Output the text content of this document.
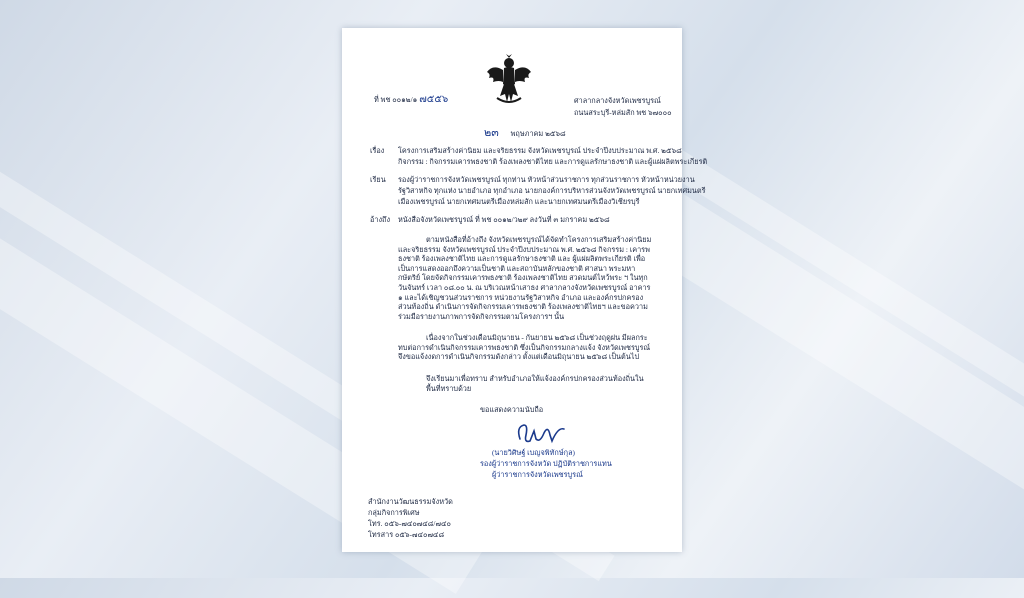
ที่ พช ๐๐๑๒/๑ ๗๕๕๖	ศาลากลางจังหวัดเพชรบูรณ์
ถนนสระบุรี-หล่มสัก พช ๖๗๐๐๐
๒๓ พฤษภาคม ๒๕๖๘
เรื่อง โครงการเสริมสร้างค่านิยม และจริยธรรม จังหวัดเพชรบูรณ์ ประจำปีงบประมาณ พ.ศ. ๒๕๖๘
กิจกรรม : กิจกรรมเคารพธงชาติ ร้องเพลงชาติไทย และการดูแลรักษาธงชาติ และผู้แผ่ผลิตพระเกียรติ
เรียน รองผู้ว่าราชการจังหวัดเพชรบูรณ์ ทุกท่าน หัวหน้าส่วนราชการ ทุกส่วนราชการ หัวหน้าหน่วยงาน
รัฐวิสาหกิจ ทุกแห่ง นายอำเภอ ทุกอำเภอ นายกองค์การบริหารส่วนจังหวัดเพชรบูรณ์ นายกเทศมนตรี
เมืองเพชรบูรณ์ นายกเทศมนตรีเมืองหล่มสัก และนายกเทศมนตรีเมืองวิเชียรบุรี
อ้างถึง หนังสือจังหวัดเพชรบูรณ์ ที่ พช ๐๐๑๒/ว๒๙ ลงวันที่ ๓ มกราคม ๒๕๖๘
ตามหนังสือที่อ้างถึง จังหวัดเพชรบูรณ์ได้จัดทำโครงการเสริมสร้างค่านิยม และจริยธรรม จังหวัดเพชรบูรณ์ ประจำปีงบประมาณ พ.ศ. ๒๕๖๘ กิจกรรม : เคารพธงชาติ ร้องเพลงชาติไทย และการดูแลรักษาธงชาติ และ ผู้แผ่ผลิตพระเกียรติ เพื่อเป็นการแสดงออกถึงความเป็นชาติ และสถาบันหลักของชาติ ศาสนา พระมหากษัตริย์ โดยจัดกิจกรรมเคารพธงชาติ ร้องเพลงชาติไทย สวดมนต์ไหว้พระ ฯ ในทุกวันจันทร์ เวลา ๐๘.๐๐ น. ณ บริเวณหน้าเสาธง ศาลากลางจังหวัดเพชรบูรณ์ อาคาร ๑ และได้เชิญชวนส่วนราชการ หน่วยงานรัฐวิสาหกิจ อำเภอ และองค์กรปกครองส่วนท้องถิ่น ดำเนินการจัดกิจกรรมเคารพธงชาติ ร้องเพลงชาติไทยฯ และขอความร่วมมือรายงานภาพการจัดกิจกรรมตามโครงการฯ นั้น
เนื่องจากในช่วงเดือนมิถุนายน - กันยายน ๒๕๖๘ เป็นช่วงฤดูฝน มีผลกระทบต่อการดำเนินกิจกรรมเคารพธงชาติ ซึ่งเป็นกิจกรรมกลางแจ้ง จังหวัดเพชรบูรณ์จึงขอแจ้งงดการดำเนินกิจกรรมดังกล่าว ตั้งแต่เดือนมิถุนายน ๒๕๖๘ เป็นต้นไป
จึงเรียนมาเพื่อทราบ สำหรับอำเภอให้แจ้งองค์กรปกครองส่วนท้องถิ่นในพื้นที่ทราบด้วย
ขอแสดงความนับถือ
(นายวิศิษฐ์ เบญจพิทักษ์กุล)
รองผู้ว่าราชการจังหวัด ปฏิบัติราชการแทน
ผู้ว่าราชการจังหวัดเพชรบูรณ์
สำนักงานวัฒนธรรมจังหวัด
กลุ่มกิจการพิเศษ
โทร. ๐๕๖-๗๔๐๗๔๘/๗๔๐
โทรสาร ๐๕๖-๗๔๐๗๔๘
